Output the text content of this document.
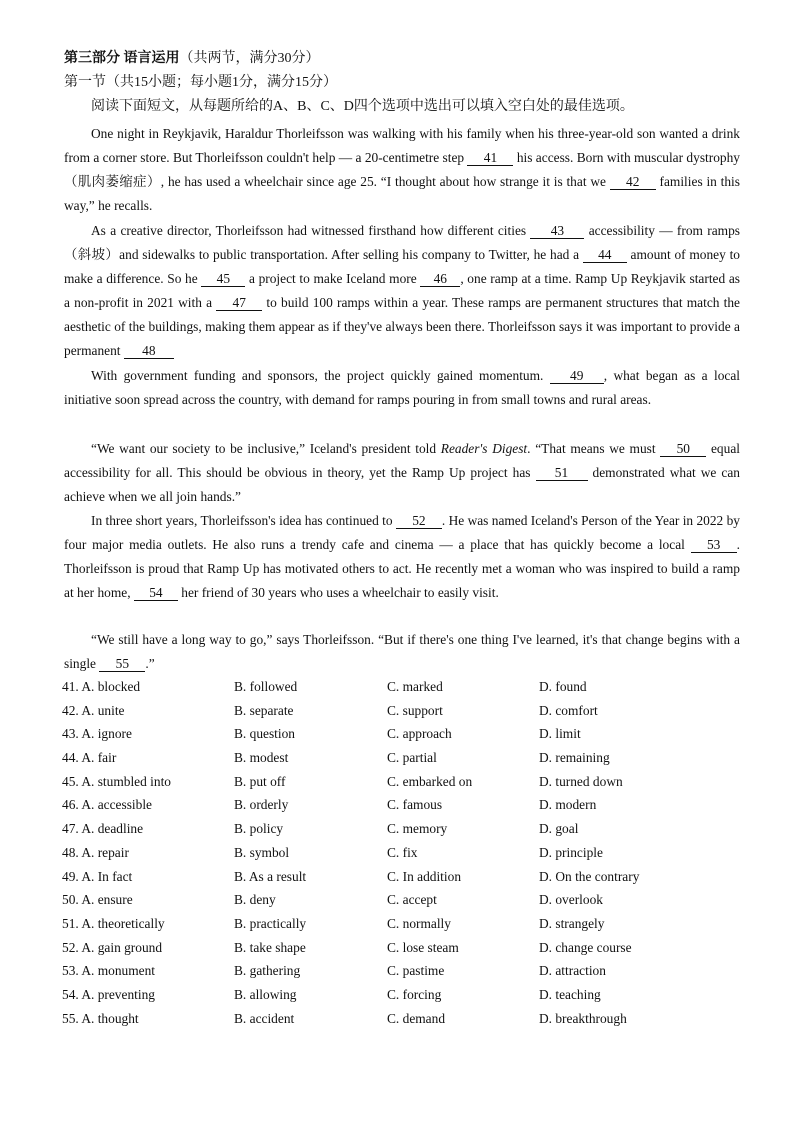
第三部分 语言运用（共两节，满分30分）
第一节（共15小题；每小题1分，满分15分）
阅读下面短文，从每题所给的A、B、C、D四个选项中选出可以填入空白处的最佳选项。
One night in Reykjavik, Haraldur Thorleifsson was walking with his family when his three-year-old son wanted a drink from a corner store. But Thorleifsson couldn't help — a 20-centimetre step 41 his access. Born with muscular dystrophy（肌肉萎缩症）, he has used a wheelchair since age 25. “I thought about how strange it is that we 42 families in this way,” he recalls.
As a creative director, Thorleifsson had witnessed firsthand how different cities 43 accessibility — from ramps（斜坡）and sidewalks to public transportation. After selling his company to Twitter, he had a 44 amount of money to make a difference. So he 45 a project to make Iceland more 46 , one ramp at a time. Ramp Up Reykjavik started as a non-profit in 2021 with a 47 to build 100 ramps within a year. These ramps are permanent structures that match the aesthetic of the buildings, making them appear as if they've always been there. Thorleifsson says it was important to provide a permanent 48
With government funding and sponsors, the project quickly gained momentum. 49 , what began as a local initiative soon spread across the country, with demand for ramps pouring in from small towns and rural areas.
“We want our society to be inclusive,” Iceland's president told Reader's Digest. “That means we must 50 equal accessibility for all. This should be obvious in theory, yet the Ramp Up project has 51 demonstrated what we can achieve when we all join hands.”
In three short years, Thorleifsson's idea has continued to 52 . He was named Iceland's Person of the Year in 2022 by four major media outlets. He also runs a trendy cafe and cinema — a place that has quickly become a local 53 . Thorleifsson is proud that Ramp Up has motivated others to act. He recently met a woman who was inspired to build a ramp at her home, 54 her friend of 30 years who uses a wheelchair to easily visit.
“We still have a long way to go,” says Thorleifsson. “But if there's one thing I've learned, it's that change begins with a single 55 .”
41. A. blocked	B. followed	C. marked	D. found
42. A. unite	B. separate	C. support	D. comfort
43. A. ignore	B. question	C. approach	D. limit
44. A. fair	B. modest	C. partial	D. remaining
45. A. stumbled into	B. put off	C. embarked on	D. turned down
46. A. accessible	B. orderly	C. famous	D. modern
47. A. deadline	B. policy	C. memory	D. goal
48. A. repair	B. symbol	C. fix	D. principle
49. A. In fact	B. As a result	C. In addition	D. On the contrary
50. A. ensure	B. deny	C. accept	D. overlook
51. A. theoretically	B. practically	C. normally	D. strangely
52. A. gain ground	B. take shape	C. lose steam	D. change course
53. A. monument	B. gathering	C. pastime	D. attraction
54. A. preventing	B. allowing	C. forcing	D. teaching
55. A. thought	B. accident	C. demand	D. breakthrough
